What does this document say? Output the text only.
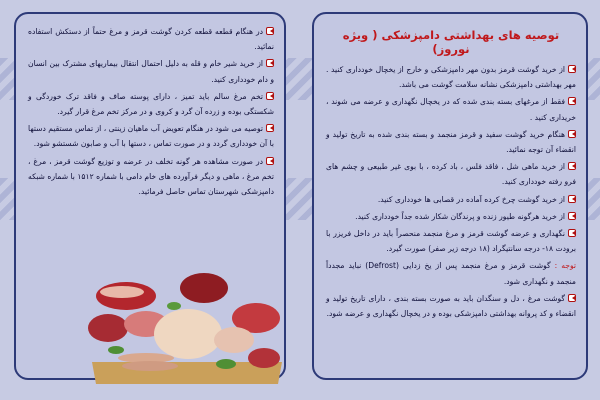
در هنگام قطعه قطعه کردن گوشت قرمز و مرغ حتماً از دستکش استفاده نمائید.

از خرید شیر خام و قله به دلیل احتمال انتقال بیماریهای مشترک بین انسان و دام خودداری کنید.

تخم مرغ سالم باید تمیز ، دارای پوسته صاف و فاقد ترک خوردگی و شکستگی بوده و زرده آن گرد و کروی و در مرکز تخم مرغ قرار گیرد.

توصیه می شود در هنگام تعویض آب ماهیان زینتی ، از تماس مستقیم دستها با آن خودداری گردد و در صورت تماس ، دستها با آب و صابون شستشو شود.

در صورت مشاهده هر گونه تخلف در عرضه و توزیع گوشت قرمز ، مرغ ، تخم مرغ ، ماهی و دیگر فرآورده های خام دامی با شماره ۱۵۱۲ با شماره شبکه دامپزشکی شهرستان تماس حاصل فرمائید.

توصیه های بهداشتی دامپزشکی ( ویژه نوروز)

از خرید گوشت قرمز بدون مهر دامپزشکی و خارج از یخچال خودداری کنید . مهر بهداشتی دامپزشکی نشانه سلامت گوشت می باشد.

فقط از مرغهای بسته بندی شده که در یخچال نگهداری و عرضه می شوند ، خریداری کنید .

هنگام خرید گوشت سفید و قرمز منجمد و بسته بندی شده به تاریخ تولید و انقضاء آن توجه نمائید.

از خرید ماهی شل ، فاقد فلس ، باد کرده ، با بوی غیر طبیعی و چشم های فرو رفته خودداری کنید.

از خرید گوشت چرخ کرده آماده در قصابی ها خودداری کنید.

از خرید هرگونه طیور زنده و پرندگان شکار شده جداً خودداری کنید.

نگهداری و عرضه گوشت قرمز و مرغ منجمد منحصراً باید در داخل فریزر با برودت ۱۸- درجه سانتیگراد (۱۸ درجه زیر صفر) صورت گیرد.

توجه : گوشت قرمز و مرغ منجمد پس از یخ زدایی (Defrost) نباید مجدداً منجمد و نگهداری شود.

گوشت مرغ ، دل و سنگدان باید به صورت بسته بندی ، دارای تاریخ تولید و انقضاء و کد پروانه بهداشتی دامپزشکی بوده و در یخچال نگهداری و عرضه شود.
